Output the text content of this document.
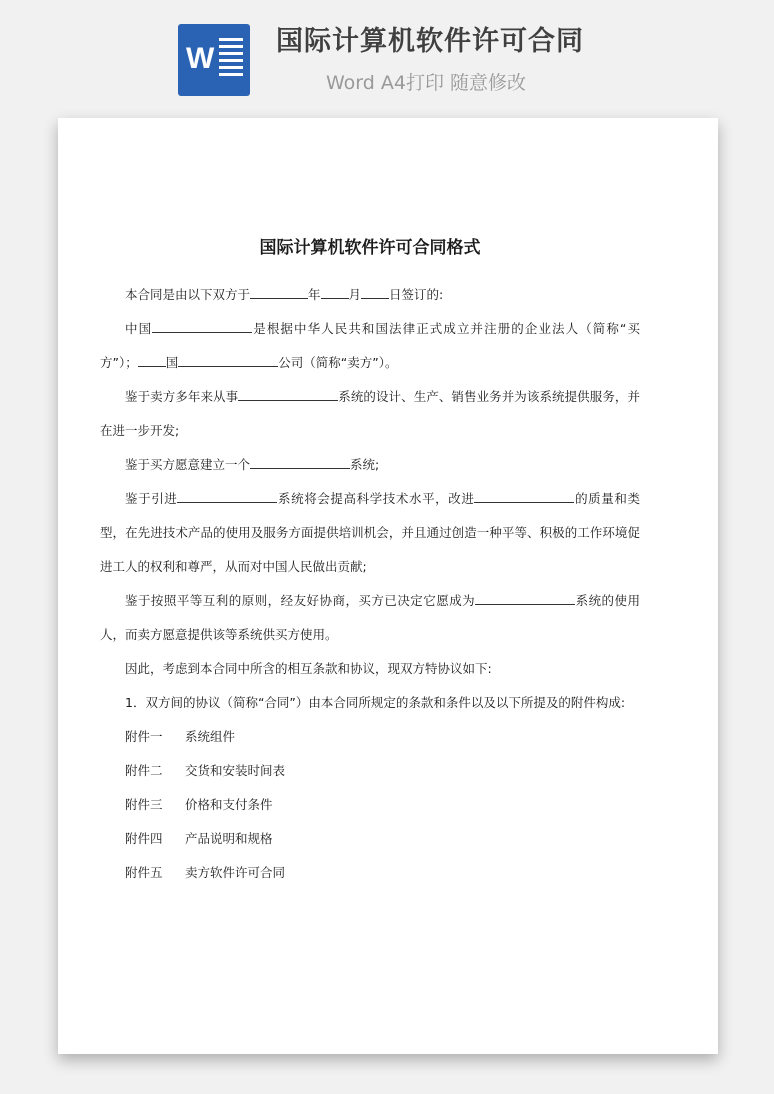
W
国际计算机软件许可合同

Word A4打印 随意修改

国际计算机软件许可合同格式

本合同是由以下双方于	年 月 日签订的:

中国	是根据中华人民共和国法律正式成立并注册的企业法人（简称“买方”）； 国	公司（简称“卖方”）。

鉴于卖方多年来从事	系统的设计、生产、销售业务并为该系统提供服务，并在进一步开发;

鉴于买方愿意建立一个	系统;

鉴于引进	系统将会提高科学技术水平，改进	的质量和类型，在先进技术产品的使用及服务方面提供培训机会，并且通过创造一种平等、积极的工作环境促进工人的权利和尊严，从而对中国人民做出贡献;

鉴于按照平等互利的原则，经友好协商，买方已决定它愿成为	系统的使用人，而卖方愿意提供该等系统供买方使用。

因此，考虑到本合同中所含的相互条款和协议，现双方特协议如下:

1．双方间的协议（简称“合同”）由本合同所规定的条款和条件以及以下所提及的附件构成:

附件一	系统组件
附件二	交货和安装时间表
附件三	价格和支付条件
附件四	产品说明和规格
附件五	卖方软件许可合同
